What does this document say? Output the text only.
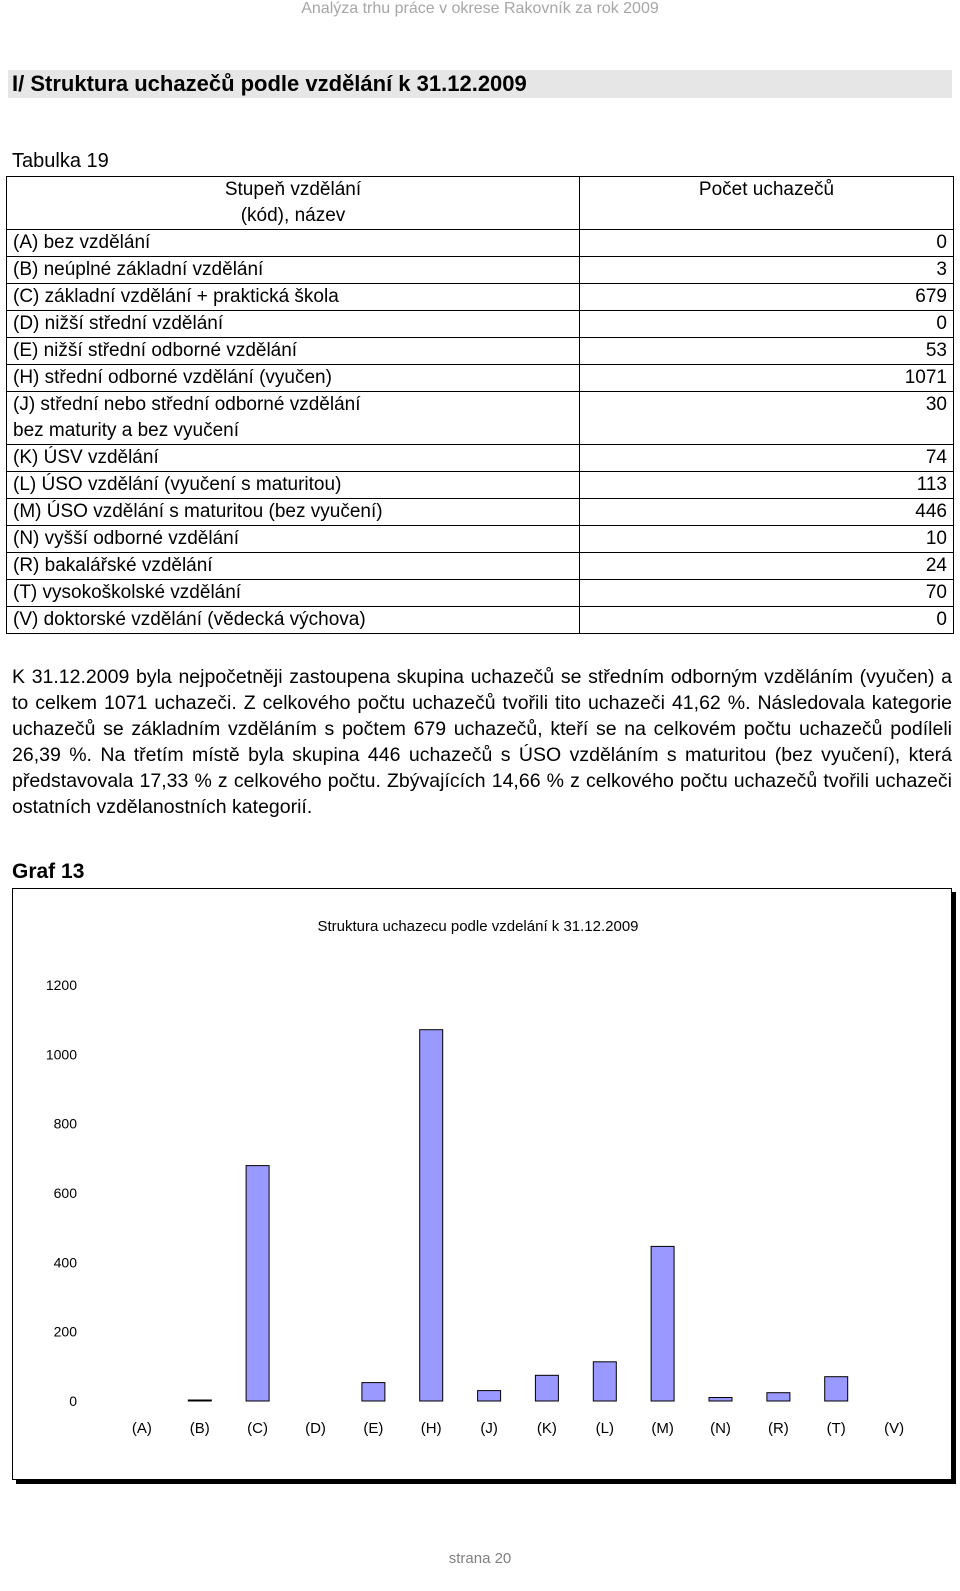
Analýza trhu práce v okrese Rakovník za rok 2009
I/ Struktura uchazečů podle vzdělání k 31.12.2009
Tabulka 19
Stupeň vzdělání
(kód), název	Počet uchazečů

(A) bez vzdělání	0

(B) neúplné základní vzdělání	3

(C) základní vzdělání + praktická škola	679

(D) nižší střední vzdělání	0

(E) nižší střední odborné vzdělání	53

(H) střední odborné vzdělání (vyučen)	1071

(J) střední nebo střední odborné vzdělání
bez maturity a bez vyučení	30

(K) ÚSV vzdělání	74

(L) ÚSO vzdělání (vyučení s maturitou)	113

(M) ÚSO vzdělání s maturitou (bez vyučení)	446

(N) vyšší odborné vzdělání	10

(R) bakalářské vzdělání	24

(T) vysokoškolské vzdělání	70

(V) doktorské vzdělání (vědecká výchova)	0
K 31.12.2009 byla nejpočetněji zastoupena skupina uchazečů se středním odborným vzděláním (vyučen) a to celkem 1071 uchazeči. Z celkového počtu uchazečů tvořili tito uchazeči 41,62 %. Následovala kategorie uchazečů se základním vzděláním s počtem 679 uchazečů, kteří se na celkovém počtu uchazečů podíleli 26,39 %. Na třetím místě byla skupina 446 uchazečů s ÚSO vzděláním s maturitou (bez vyučení), která představovala 17,33 % z celkového počtu. Zbývajících 14,66 % z celkového počtu uchazečů tvořili uchazeči ostatních vzdělanostních kategorií.
Graf 13
Struktura uchazecu podle vzdelání k 31.12.2009
0
200
400
600
800
1000
1200
(A)	(B) (C) (D) (E) (H)	(J)	(K)	(L) (M) (N) (R)	(T)	(V)
strana 20
